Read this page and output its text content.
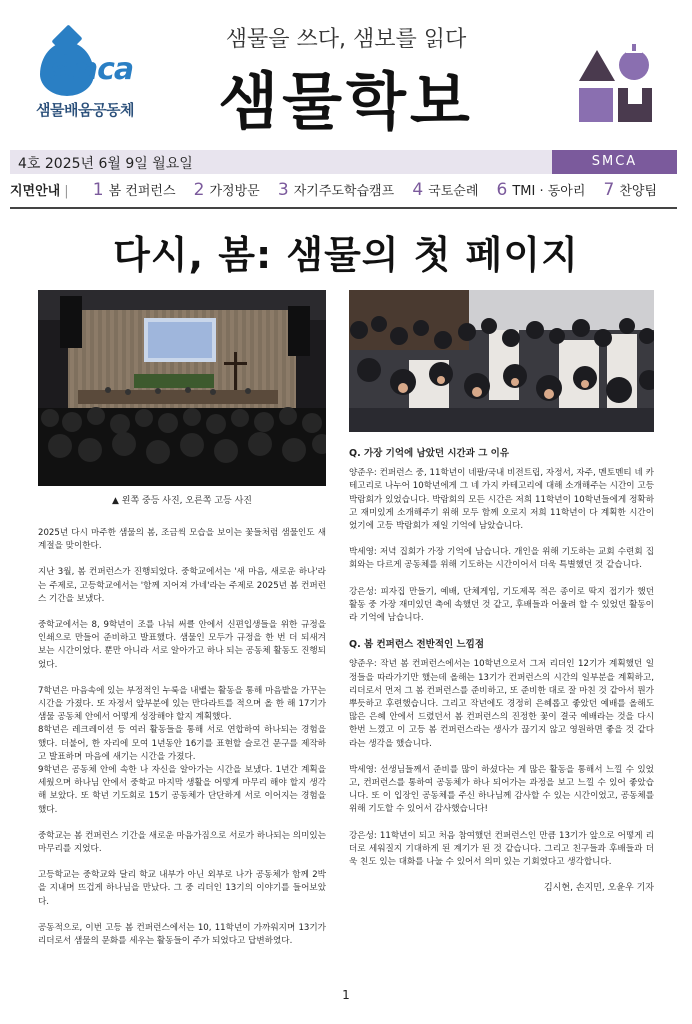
smca
샘물배움공동체
샘물을 쓰다, 샘보를 읽다
샘물학보
4호 2025년 6월 9일 월요일	SMCA
지면안내 | 1 봄 컨퍼런스 2 가정방문 3 자기주도학습캠프 4 국토순례 6 TMI · 동아리 7 찬양팀
다시, 봄: 샘물의 첫 페이지
▲ 왼쪽 중등 사진, 오른쪽 고등 사진

2025년 다시 마주한 샘물의 봄, 조금씩 모습을 보이는 꽃들처럼 샘물인도 새 계절을 맞이한다.

지난 3월, 봄 컨퍼런스가 진행되었다. 중학교에서는 '새 마음, 새로운 하나'라는 주제로, 고등학교에서는 '함께 지어져 가네'라는 주제로 2025년 봄 컨퍼런스 기간을 보냈다.

중학교에서는 8, 9학년이 조를 나눠 써클 안에서 신편입생들을 위한 규정을 인쇄으로 만들어 준비하고 발표했다. 샘물인 모두가 규정을 한 번 더 되새겨 보는 시간이었다. 뿐만 아니라 서로 알아가고 하나 되는 공동체 활동도 진행되었다.

7학년은 마음속에 있는 부정적인 누룩을 내뱉는 활동을 통해 마음밭을 가꾸는 시간을 가졌다. 또 자정서 앞부분에 있는 만다라트를 적으며 올 한 해 17기가 샘물 공동체 안에서 어떻게 성장해야 할지 계획했다.

8학년은 레크레이션 등 여러 활동들을 통해 서로 연합하여 하나되는 경험을 했다. 더불어, 한 자리에 모여 1년동안 16기를 표현할 슬로건 문구를 제작하고 발표하며 마음에 새기는 시간을 가졌다.

9학년은 공동체 안에 속한 나 자신을 알아가는 시간을 보냈다. 1년간 계획을 세웠으며 하나님 안에서 중학교 마지막 생활을 어떻게 마무리 해야 할지 생각해 보았다. 또 학년 기도회로 15기 공동체가 단단하게 서로 이어지는 경험을 했다.

중학교는 봄 컨퍼런스 기간을 새로운 마음가짐으로 서로가 하나되는 의미있는 마무리를 지었다.

고등학교는 중학교와 달리 학교 내부가 아닌 외부로 나가 공동체가 함께 2박을 지내며 뜨겁게 하나님을 만났다. 그 중 리더인 13기의 이야기를 들어보았다.

공동적으로, 이번 고등 봄 컨퍼런스에서는 10, 11학년이 가까워지며 13기가 리더로서 샘물의 문화를 세우는 활동들이 주가 되었다고 답변하였다.

Q. 가장 기억에 남았던 시간과 그 이유

양준우: 컨퍼런스 중, 11학년이 네팔/국내 비전트립, 자정서, 자주, 멘토멘티 네 카테고리로 나누어 10학년에게 그 네 가지 카테고리에 대해 소개해주는 시간이 고등 박람회가 있었습니다. 박람회의 모든 시간은 저희 11학년이 10학년들에게 정확하고 재미있게 소개해주기 위해 모두 함께 오로지 저희 11학년이 다 계획한 시간이었기에 고등 박람회가 제일 기억에 남았습니다.

박세영: 저녁 집회가 가장 기억에 남습니다. 개인을 위해 기도하는 교회 수련회 집회와는 다르게 공동체를 위해 기도하는 시간이어서 더욱 특별했던 것 같습니다.

강은성: 피자집 만들기, 예배, 단체게임, 기도제목 적은 종이로 딱지 접기가 했던 활동 중 가장 재미있던 축에 속했던 것 같고, 후배들과 어울려 할 수 있었던 활동이라 기억에 남습니다.

Q. 봄 컨퍼런스 전반적인 느낌점

양준우: 작년 봄 컨퍼런스에서는 10학년으로서 그저 리더인 12기가 계획했던 일정들을 따라가기만 했는데 올해는 13기가 컨퍼런스의 시간의 일부분을 계획하고, 리더로서 먼저 그 봄 컨퍼런스를 준비하고, 또 준비한 대로 잘 마친 것 같아서 뭔가 뿌듯하고 후련했습니다. 그리고 작년에도 경정히 은혜롭고 좋았던 예배를 올해도 많은 은혜 안에서 드렸던서 봄 컨퍼런스의 진정한 꽃이 결국 예배라는 것을 다시 한번 느꼈고 이 고등 봄 컨퍼런스라는 생사가 끊기지 않고 영원하면 좋을 것 같다라는 생각을 했습니다.

박세영: 선생님들께서 준비를 많이 하셨다는 게 많은 활동을 통해서 느낄 수 있었고, 컨퍼런스를 통하여 공동체가 하나 되어가는 과정을 보고 느낄 수 있어 좋았습니다. 또 이 입장인 공동체를 주신 하나님께 감사할 수 있는 시간이었고, 공동체를 위해 기도할 수 있어서 감사했습니다!

강은성: 11학년이 되고 처음 참여했던 컨퍼런스인 만큼 13기가 앞으로 어떻게 리더로 세워질지 기대하게 된 계기가 된 것 같습니다. 그리고 친구들과 후배들과 더욱 친도 있는 대화를 나눌 수 있어서 의미 있는 기회였다고 생각합니다.

김시현, 손지민, 오윤우 기자

1
